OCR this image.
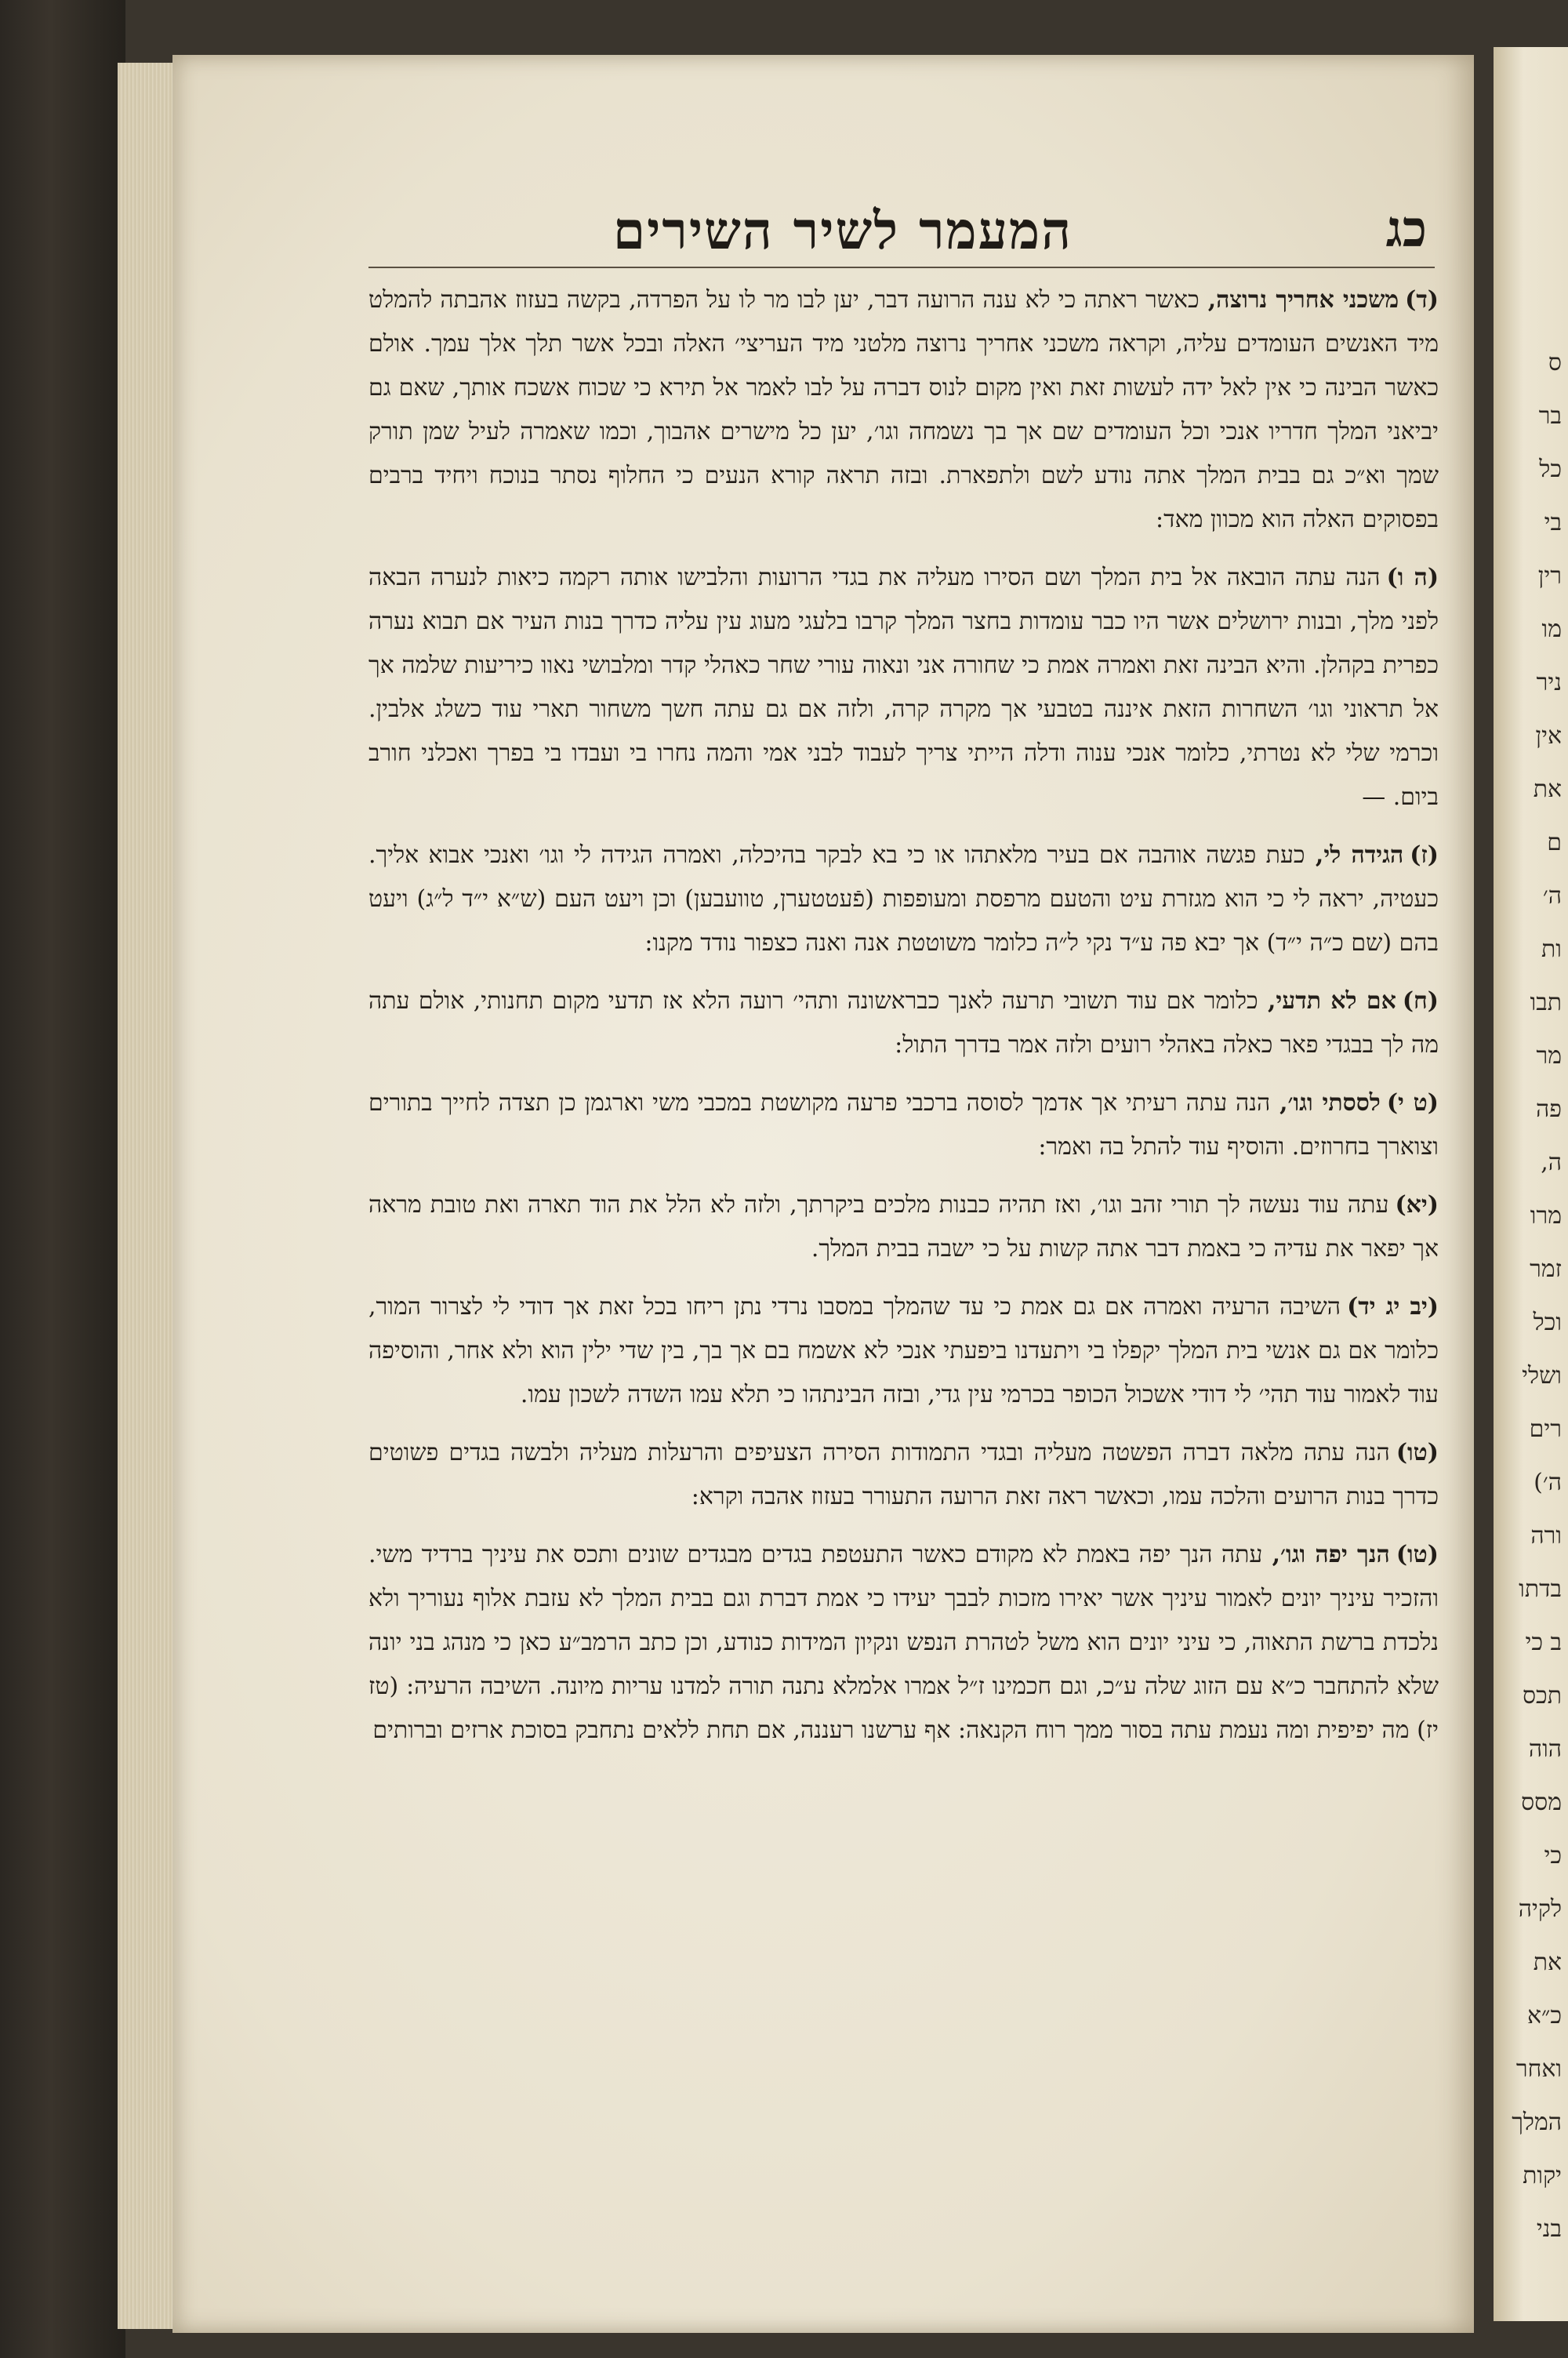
ס
בר
כל
בי
רין
מו
ניר
אין
את
ם
ה׳
ות
תבו
מר
פה
ה,
מרו
זמר
וכל
ושלי
רים
ה׳)
ורה
בדתו
ב כי
תכס
הוה
מסס
כי
לקיה
את
כ״א
ואחר
המלך
יקות
בני
כג
המעמר לשיר השירים

(ד)משכני אחריך נרוצה, כאשר ראתה כי לא ענה הרועה דבר, יען לבו מר לו על הפרדה, בקשה בעזוז אהבתה להמלט מיד האנשים העומדים עליה, וקראה משכני אחריך נרוצה מלטני מיד העריצי׳ האלה ובכל אשר תלך אלך עמך. אולם כאשר הבינה כי אין לאל ידה לעשות זאת ואין מקום לנוס דברה על לבו לאמר אל תירא כי שכוח אשכח אותך, שאם גם יביאני המלך חדריו אנכי וכל העומדים שם אך בך נשמחה וגו׳, יען כל מישרים אהבוך, וכמו שאמרה לעיל שמן תורק שמך וא״כ גם בבית המלך אתה נודע לשם ולתפארת. ובזה תראה קורא הנעים כי החלוף נסתר בנוכח ויחיד ברבים בפסוקים האלה הוא מכוון מאד:

(ה ו)הנה עתה הובאה אל בית המלך ושם הסירו מעליה את בגדי הרועות והלבישו אותה רקמה כיאות לנערה הבאה לפני מלך, ובנות ירושלים אשר היו כבר עומדות בחצר המלך קרבו בלעגי מעוג עין עליה כדרך בנות העיר אם תבוא נערה כפרית בקהלן. והיא הבינה זאת ואמרה אמת כי שחורה אני ונאוה עורי שחר כאהלי קדר ומלבושי נאוו כיריעות שלמה אך אל תראוני וגו׳ השחרות הזאת איננה בטבעי אך מקרה קרה, ולזה אם גם עתה חשך משחור תארי עוד כשלג אלבין. וכרמי שלי לא נטרתי, כלומר אנכי ענוה ודלה הייתי צריך לעבוד לבני אמי והמה נחרו בי ועבדו בי בפרך ואכלני חורב ביום. —

(ז)הגידה לי, כעת פגשה אוהבה אם בעיר מלאתהו או כי בא לבקר בהיכלה, ואמרה הגידה לי וגו׳ ואנכי אבוא אליך. כעטיה, יראה לי כי הוא מגזרת עיט והטעם מרפסת ומעופפות (פֿעטטערן, טוועבען) וכן ויעט העם (ש״א י״ד ל״ג) ויעט בהם (שם כ״ה י״ד) אך יבא פה ע״ד נקי ל״ה כלומר משוטטת אנה ואנה כצפור נודד מקנו:

(ח)אם לא תדעי, כלומר אם עוד תשובי תרעה לאנך כבראשונה ותהי׳ רועה הלא אז תדעי מקום תחנותי, אולם עתה מה לך בבגדי פאר כאלה באהלי רועים ולזה אמר בדרך התול:

(ט י)לססתי וגו׳, הנה עתה רעיתי אך אדמך לסוסה ברכבי פרעה מקושטת במכבי משי וארגמן כן תצדה לחייך בתורים וצוארך בחרוזים. והוסיף עוד להתל בה ואמר:

(יא)עתה עוד נעשה לך תורי זהב וגו׳, ואז תהיה כבנות מלכים ביקרתך, ולזה לא הלל את הוד תארה ואת טובת מראה אך יפאר את עדיה כי באמת דבר אתה קשות על כי ישבה בבית המלך.

(יב יג יד)השיבה הרעיה ואמרה אם גם אמת כי עד שהמלך במסבו נרדי נתן ריחו בכל זאת אך דודי לי לצרור המור, כלומר אם גם אנשי בית המלך יקפלו בי ויתעדנו ביפעתי אנכי לא אשמח בם אך בך, בין שדי ילין הוא ולא אחר, והוסיפה עוד לאמור עוד תהי׳ לי דודי אשכול הכופר בכרמי עין גדי, ובזה הבינתהו כי תלא עמו השדה לשכון עמו.

(טו)הנה עתה מלאה דברה הפשטה מעליה ובגדי התמודות הסירה הצעיפים והרעלות מעליה ולבשה בגדים פשוטים כדרך בנות הרועים והלכה עמו, וכאשר ראה זאת הרועה התעורר בעזוז אהבה וקרא:

(טו)הנך יפה וגו׳, עתה הנך יפה באמת לא מקודם כאשר התעטפת בגדים מבגדים שונים ותכס את עיניך ברדיד משי. והזכיר עיניך יונים לאמור עיניך אשר יאירו מזכות לבבך יעידו כי אמת דברת וגם בבית המלך לא עזבת אלוף נעוריך ולא נלכדת ברשת התאוה, כי עיני יונים הוא משל לטהרת הנפש ונקיון המידות כנודע, וכן כתב הרמב״ע כאן כי מנהג בני יונה שלא להתחבר כ״א עם הזוג שלה ע״כ, וגם חכמינו ז״ל אמרו אלמלא נתנה תורה למדנו עריות מיונה. השיבה הרעיה: (טז יז) מה יפיפית ומה נעמת עתה בסור ממך רוח הקנאה: אף ערשנו רעננה, אם תחת ללאים נתחבק בסוכת ארזים וברותים
